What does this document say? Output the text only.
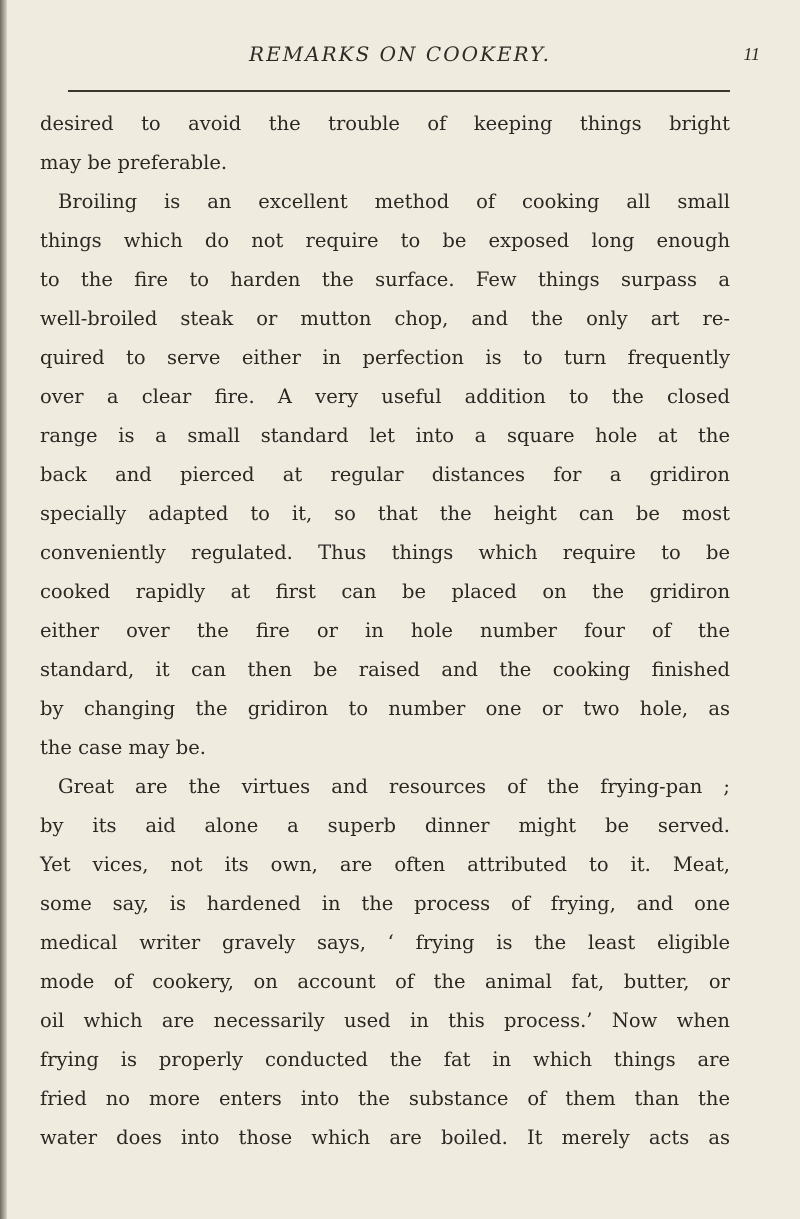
REMARKS ON COOKERY.	11
desired to avoid the trouble of keeping things bright
may be preferable.
Broiling is an excellent method of cooking all small
things which do not require to be exposed long enough
to the fire to harden the surface. Few things surpass a
well-broiled steak or mutton chop, and the only art re-
quired to serve either in perfection is to turn frequently
over a clear fire. A very useful addition to the closed
range is a small standard let into a square hole at the
back and pierced at regular distances for a gridiron
specially adapted to it, so that the height can be most
conveniently regulated. Thus things which require to be
cooked rapidly at first can be placed on the gridiron
either over the fire or in hole number four of the
standard, it can then be raised and the cooking finished
by changing the gridiron to number one or two hole, as
the case may be.
Great are the virtues and resources of the frying-pan ;
by its aid alone a superb dinner might be served.
Yet vices, not its own, are often attributed to it. Meat,
some say, is hardened in the process of frying, and one
medical writer gravely says, ‘ frying is the least eligible
mode of cookery, on account of the animal fat, butter, or
oil which are necessarily used in this process.’ Now when
frying is properly conducted the fat in which things are
fried no more enters into the substance of them than the
water does into those which are boiled. It merely acts as
